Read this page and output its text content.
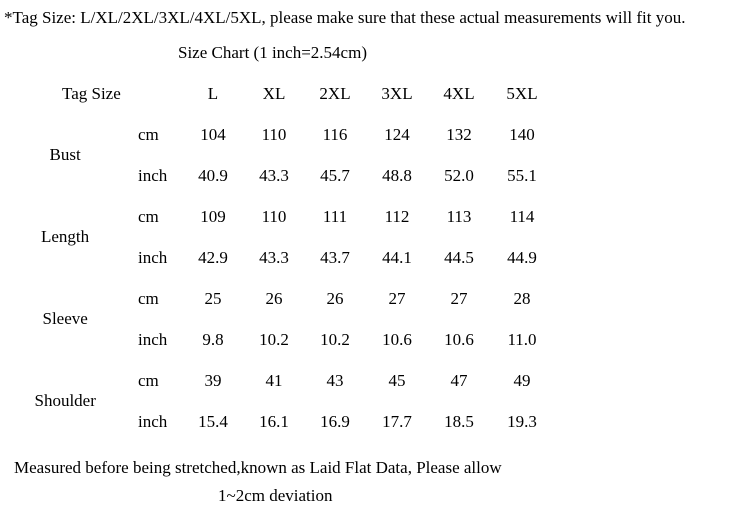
*Tag Size: L/XL/2XL/3XL/4XL/5XL, please make sure that these actual measurements will fit you.
Size Chart (1 inch=2.54cm)
Tag Size	L	XL 2XL 3XL 4XL 5XL
Bust
cm 104 110 116 124 132 140
inch 40.9 43.3 45.7 48.8 52.0 55.1
Length
cm 109 110 111 112 113 114
inch 42.9 43.3 43.7 44.1 44.5 44.9
Sleeve
cm	25	26	26	27	27	28
inch 9.8 10.2 10.2 10.6 10.6 11.0
Shoulder
cm	39	41	43	45	47	49
inch 15.4 16.1 16.9 17.7 18.5 19.3
Measured before being stretched,known as Laid Flat Data, Please allow
1~2cm deviation
